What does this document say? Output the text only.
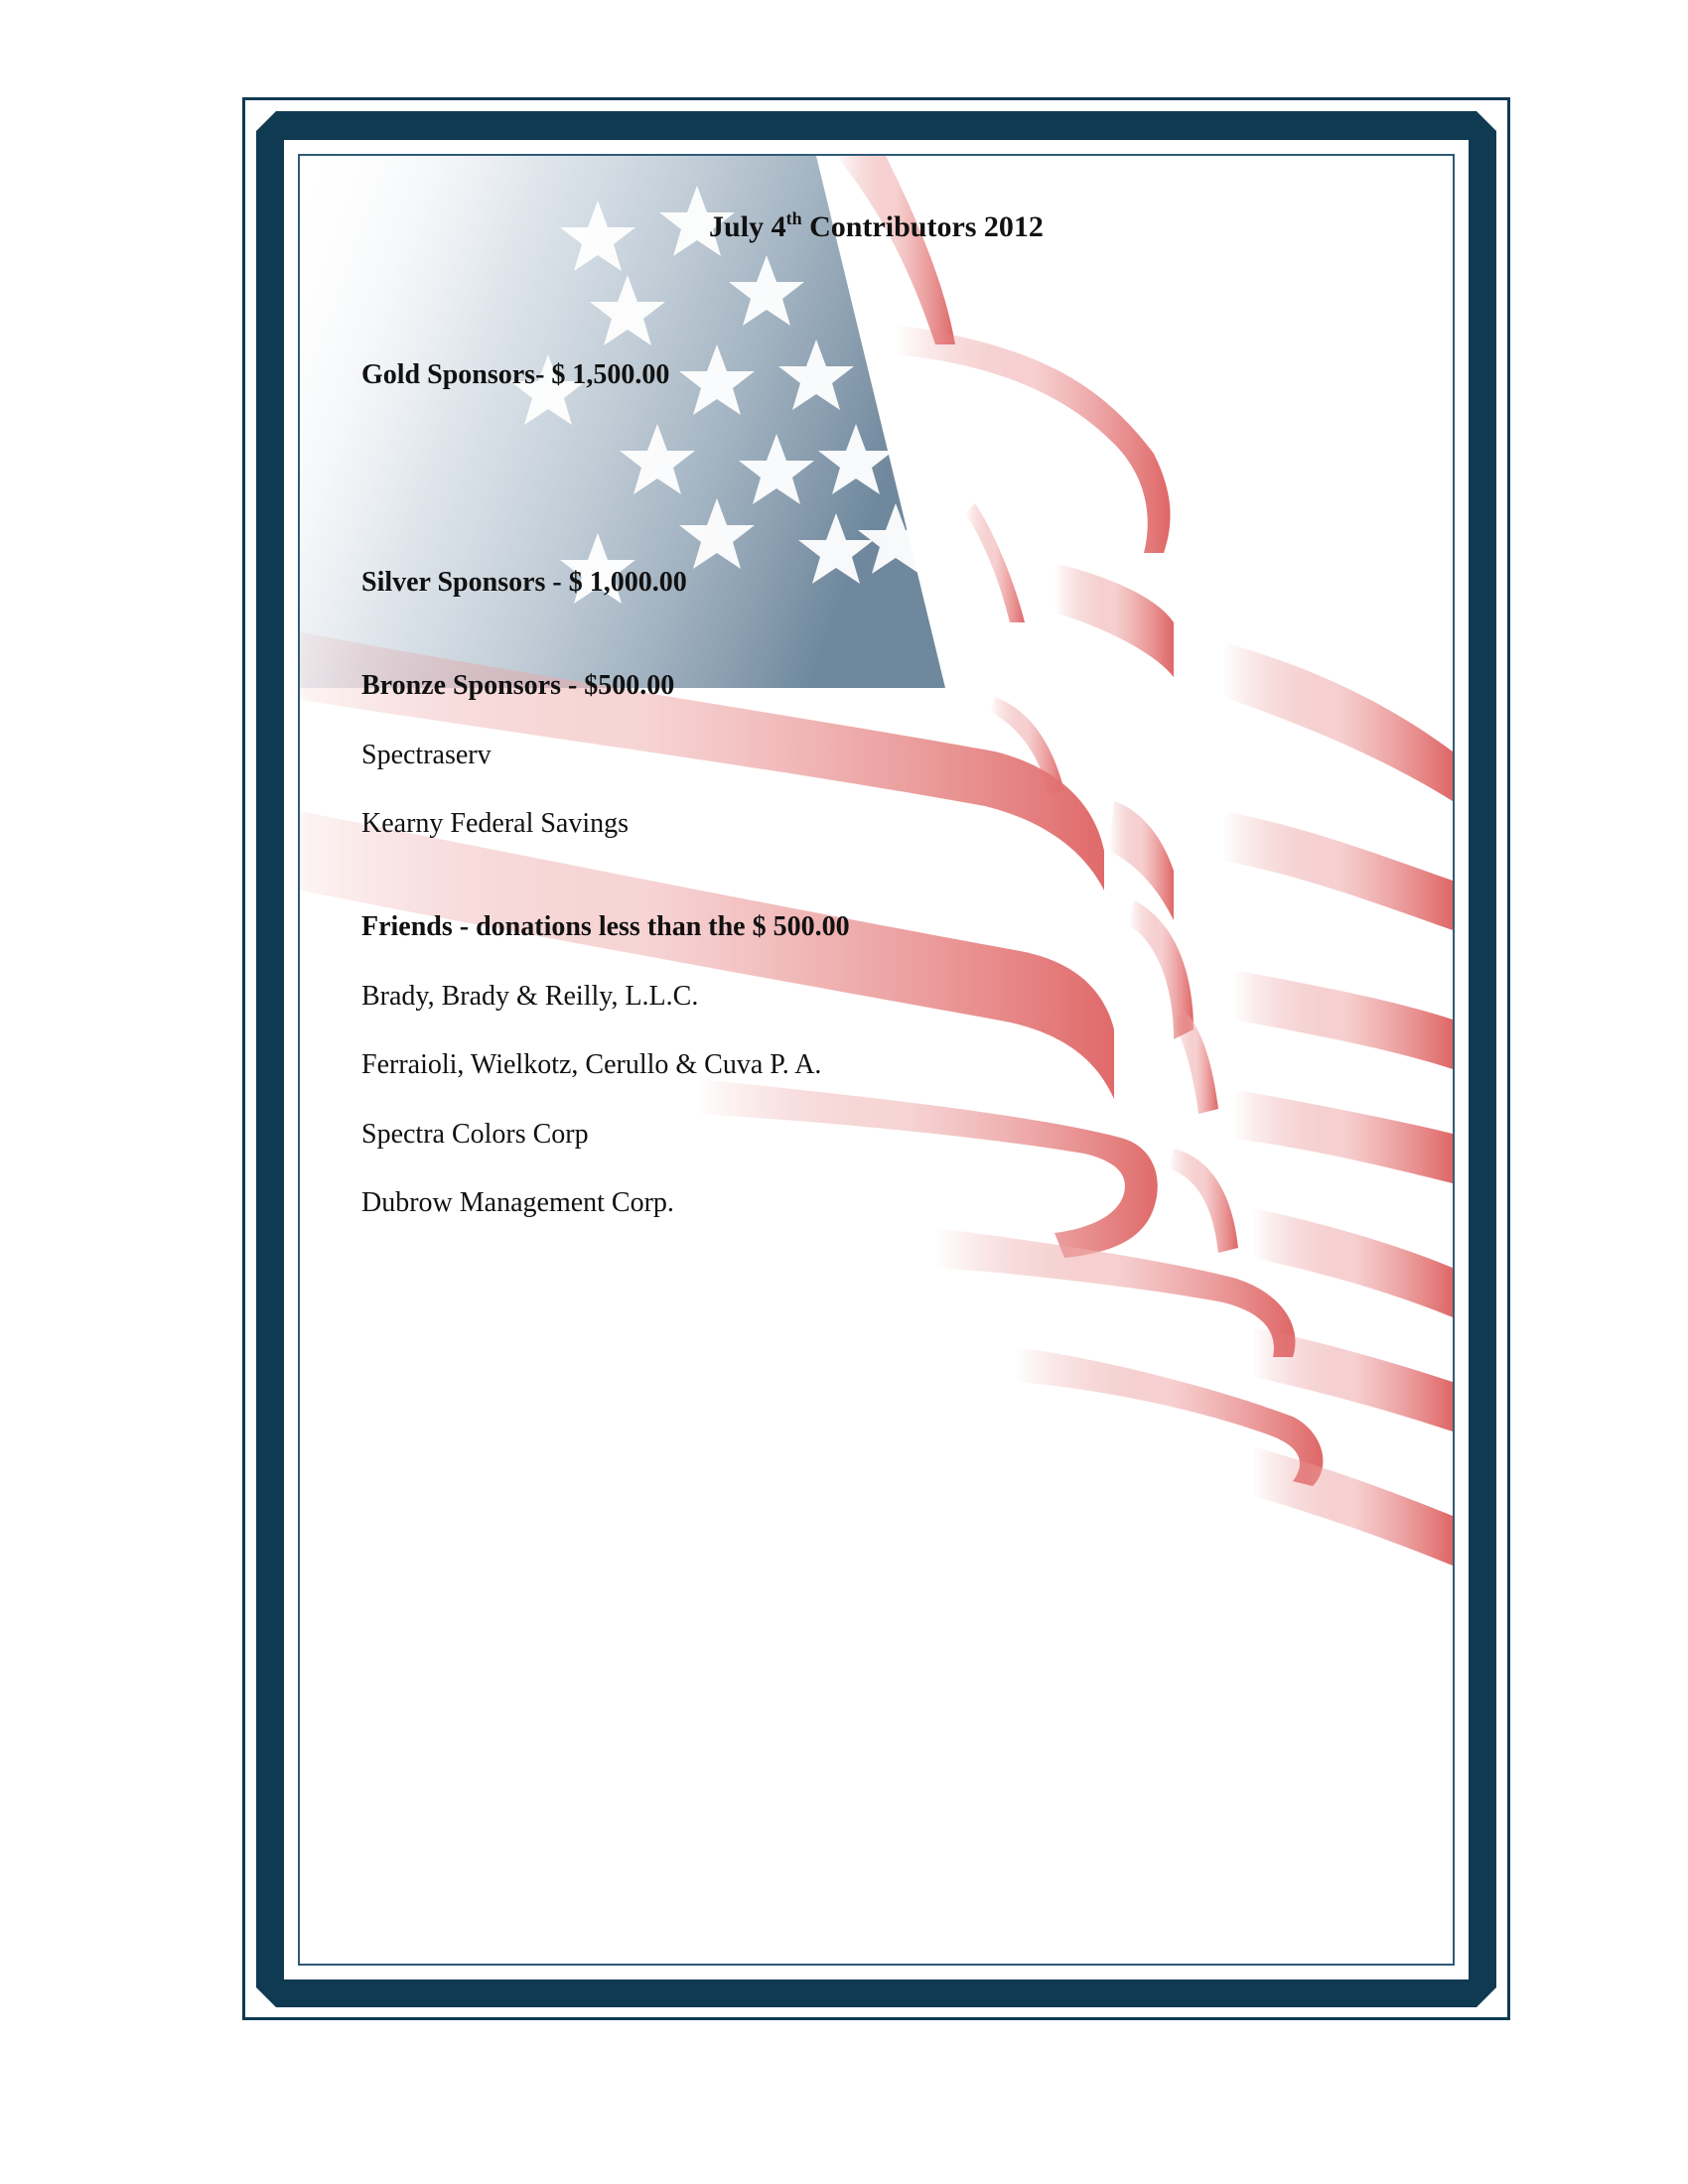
July 4th Contributors 2012

Gold Sponsors- $ 1,500.00

Silver Sponsors - $ 1,000.00

Bronze Sponsors - $500.00

Spectraserv

Kearny Federal Savings

Friends - donations less than the $ 500.00

Brady, Brady & Reilly, L.L.C.

Ferraioli, Wielkotz, Cerullo & Cuva P. A.

Spectra Colors Corp

Dubrow Management Corp.
